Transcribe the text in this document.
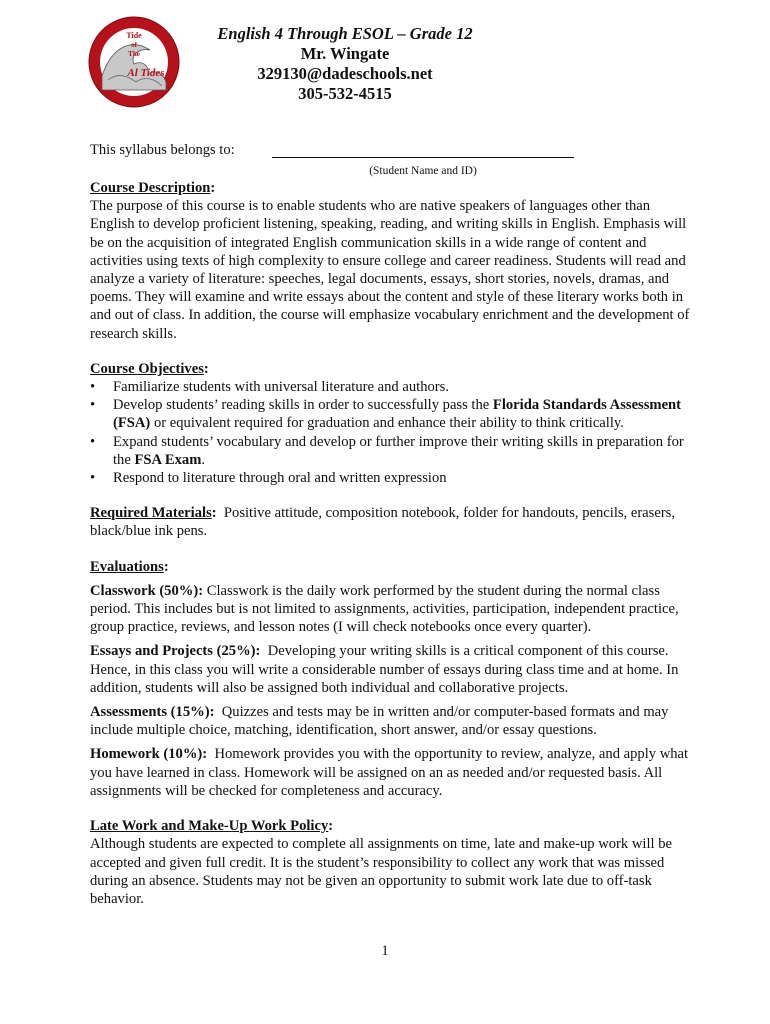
Tide
of
The
Al Tides
English 4 Through ESOL – Grade 12
Mr. Wingate
329130@dadeschools.net
305-532-4515
This syllabus belongs to:
(Student Name and ID)

Course Description:

The purpose of this course is to enable students who are native speakers of languages other than English to develop proficient listening, speaking, reading, and writing skills in English. Emphasis will be on the acquisition of integrated English communication skills in a wide range of content and activities using texts of high complexity to ensure college and career readiness. Students will read and analyze a variety of literature: speeches, legal documents, essays, short stories, novels, dramas, and poems. They will examine and write essays about the content and style of these literary works both in and out of class. In addition, the course will emphasize vocabulary enrichment and the development of research skills.

Course Objectives:

• Familiarize students with universal literature and authors.
• Develop students’ reading skills in order to successfully pass the Florida Standards Assessment (FSA) or equivalent required for graduation and enhance their ability to think critically.
• Expand students’ vocabulary and develop or further improve their writing skills in preparation for the FSA Exam.
• Respond to literature through oral and written expression

Required Materials: Positive attitude, composition notebook, folder for handouts, pencils, erasers, black/blue ink pens.

Evaluations:

Classwork (50%): Classwork is the daily work performed by the student during the normal class period. This includes but is not limited to assignments, activities, participation, independent practice, group practice, reviews, and lesson notes (I will check notebooks once every quarter).

Essays and Projects (25%): Developing your writing skills is a critical component of this course. Hence, in this class you will write a considerable number of essays during class time and at home. In addition, students will also be assigned both individual and collaborative projects.

Assessments (15%): Quizzes and tests may be in written and/or computer-based formats and may include multiple choice, matching, identification, short answer, and/or essay questions.

Homework (10%): Homework provides you with the opportunity to review, analyze, and apply what you have learned in class. Homework will be assigned on an as needed and/or requested basis. All assignments will be checked for completeness and accuracy.

Late Work and Make-Up Work Policy:

Although students are expected to complete all assignments on time, late and make-up work will be accepted and given full credit. It is the student’s responsibility to collect any work that was missed during an absence. Students may not be given an opportunity to submit work late due to off-task behavior.

1
